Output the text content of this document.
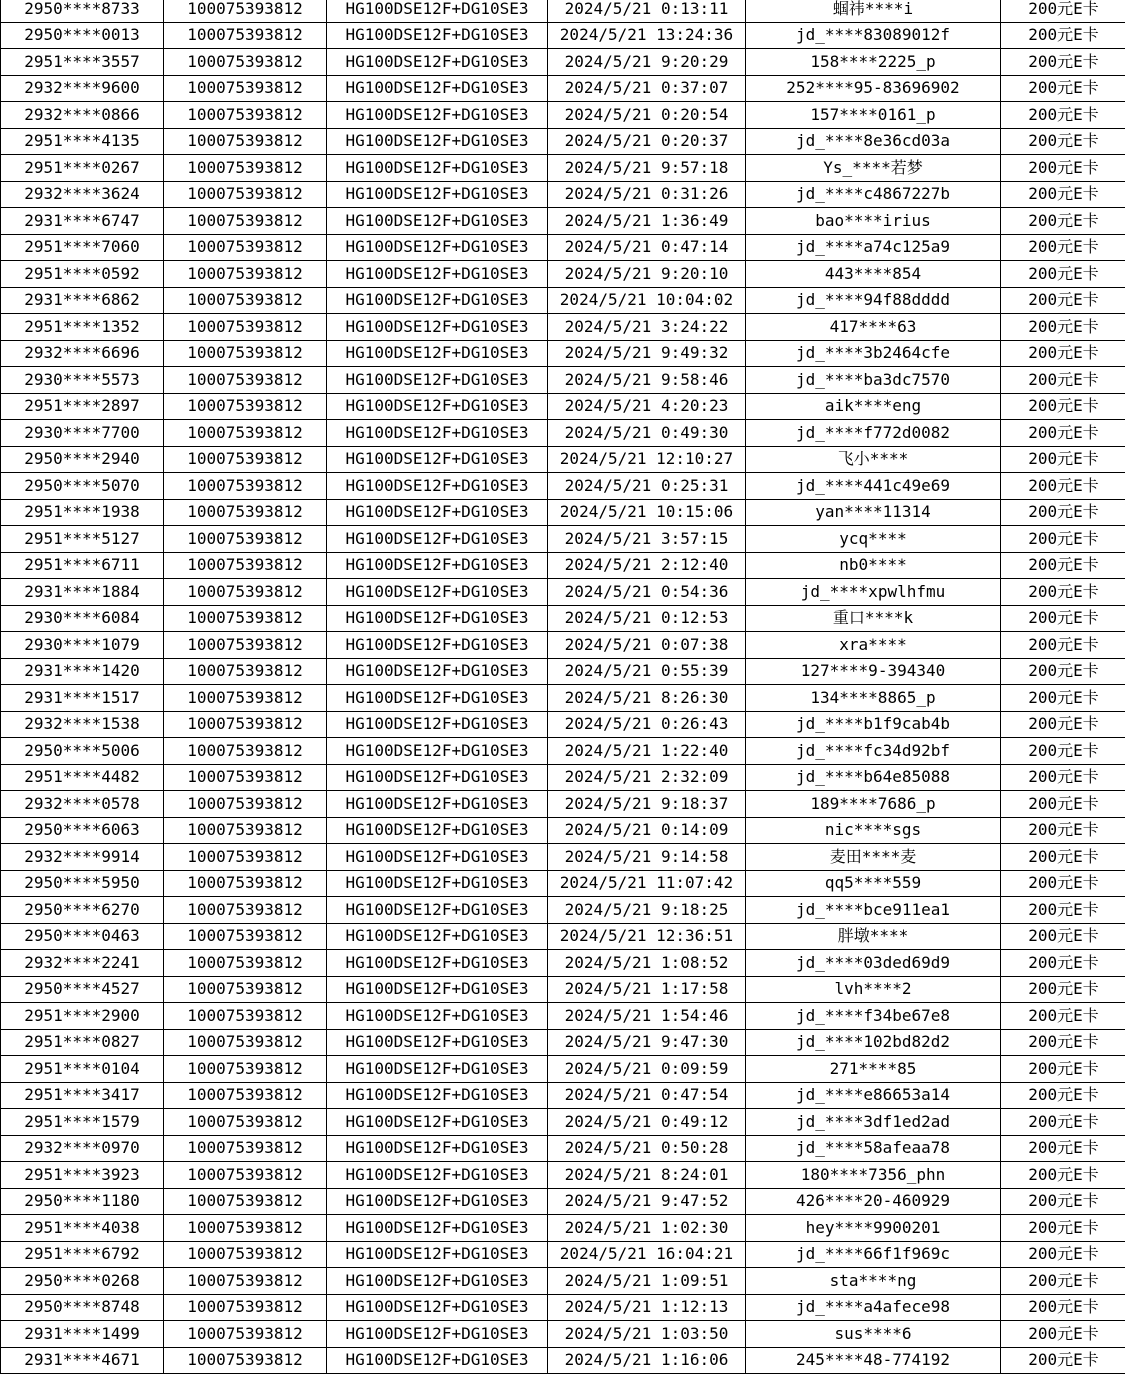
2950****8733	100075393812	HG100DSE12F+DG10SE3	2024/5/21 0:13:11	蝈祎****i	200元E卡
2950****0013	100075393812	HG100DSE12F+DG10SE3	2024/5/21 13:24:36	jd_****83089012f	200元E卡
2951****3557	100075393812	HG100DSE12F+DG10SE3	2024/5/21 9:20:29	158****2225_p	200元E卡
2932****9600	100075393812	HG100DSE12F+DG10SE3	2024/5/21 0:37:07	252****95-83696902	200元E卡
2932****0866	100075393812	HG100DSE12F+DG10SE3	2024/5/21 0:20:54	157****0161_p	200元E卡
2951****4135	100075393812	HG100DSE12F+DG10SE3	2024/5/21 0:20:37	jd_****8e36cd03a	200元E卡
2951****0267	100075393812	HG100DSE12F+DG10SE3	2024/5/21 9:57:18	Ys_****若梦	200元E卡
2932****3624	100075393812	HG100DSE12F+DG10SE3	2024/5/21 0:31:26	jd_****c4867227b	200元E卡
2931****6747	100075393812	HG100DSE12F+DG10SE3	2024/5/21 1:36:49	bao****irius	200元E卡
2951****7060	100075393812	HG100DSE12F+DG10SE3	2024/5/21 0:47:14	jd_****a74c125a9	200元E卡
2951****0592	100075393812	HG100DSE12F+DG10SE3	2024/5/21 9:20:10	443****854	200元E卡
2931****6862	100075393812	HG100DSE12F+DG10SE3	2024/5/21 10:04:02	jd_****94f88dddd	200元E卡
2951****1352	100075393812	HG100DSE12F+DG10SE3	2024/5/21 3:24:22	417****63	200元E卡
2932****6696	100075393812	HG100DSE12F+DG10SE3	2024/5/21 9:49:32	jd_****3b2464cfe	200元E卡
2930****5573	100075393812	HG100DSE12F+DG10SE3	2024/5/21 9:58:46	jd_****ba3dc7570	200元E卡
2951****2897	100075393812	HG100DSE12F+DG10SE3	2024/5/21 4:20:23	aik****eng	200元E卡
2930****7700	100075393812	HG100DSE12F+DG10SE3	2024/5/21 0:49:30	jd_****f772d0082	200元E卡
2950****2940	100075393812	HG100DSE12F+DG10SE3	2024/5/21 12:10:27	飞小****	200元E卡
2950****5070	100075393812	HG100DSE12F+DG10SE3	2024/5/21 0:25:31	jd_****441c49e69	200元E卡
2951****1938	100075393812	HG100DSE12F+DG10SE3	2024/5/21 10:15:06	yan****11314	200元E卡
2951****5127	100075393812	HG100DSE12F+DG10SE3	2024/5/21 3:57:15	ycq****	200元E卡
2951****6711	100075393812	HG100DSE12F+DG10SE3	2024/5/21 2:12:40	nb0****	200元E卡
2931****1884	100075393812	HG100DSE12F+DG10SE3	2024/5/21 0:54:36	jd_****xpwlhfmu	200元E卡
2930****6084	100075393812	HG100DSE12F+DG10SE3	2024/5/21 0:12:53	重口****k	200元E卡
2930****1079	100075393812	HG100DSE12F+DG10SE3	2024/5/21 0:07:38	xra****	200元E卡
2931****1420	100075393812	HG100DSE12F+DG10SE3	2024/5/21 0:55:39	127****9-394340	200元E卡
2931****1517	100075393812	HG100DSE12F+DG10SE3	2024/5/21 8:26:30	134****8865_p	200元E卡
2932****1538	100075393812	HG100DSE12F+DG10SE3	2024/5/21 0:26:43	jd_****b1f9cab4b	200元E卡
2950****5006	100075393812	HG100DSE12F+DG10SE3	2024/5/21 1:22:40	jd_****fc34d92bf	200元E卡
2951****4482	100075393812	HG100DSE12F+DG10SE3	2024/5/21 2:32:09	jd_****b64e85088	200元E卡
2932****0578	100075393812	HG100DSE12F+DG10SE3	2024/5/21 9:18:37	189****7686_p	200元E卡
2950****6063	100075393812	HG100DSE12F+DG10SE3	2024/5/21 0:14:09	nic****sgs	200元E卡
2932****9914	100075393812	HG100DSE12F+DG10SE3	2024/5/21 9:14:58	麦田****麦	200元E卡
2950****5950	100075393812	HG100DSE12F+DG10SE3	2024/5/21 11:07:42	qq5****559	200元E卡
2950****6270	100075393812	HG100DSE12F+DG10SE3	2024/5/21 9:18:25	jd_****bce911ea1	200元E卡
2950****0463	100075393812	HG100DSE12F+DG10SE3	2024/5/21 12:36:51	胖墩****	200元E卡
2932****2241	100075393812	HG100DSE12F+DG10SE3	2024/5/21 1:08:52	jd_****03ded69d9	200元E卡
2950****4527	100075393812	HG100DSE12F+DG10SE3	2024/5/21 1:17:58	lvh****2	200元E卡
2951****2900	100075393812	HG100DSE12F+DG10SE3	2024/5/21 1:54:46	jd_****f34be67e8	200元E卡
2951****0827	100075393812	HG100DSE12F+DG10SE3	2024/5/21 9:47:30	jd_****102bd82d2	200元E卡
2951****0104	100075393812	HG100DSE12F+DG10SE3	2024/5/21 0:09:59	271****85	200元E卡
2951****3417	100075393812	HG100DSE12F+DG10SE3	2024/5/21 0:47:54	jd_****e86653a14	200元E卡
2951****1579	100075393812	HG100DSE12F+DG10SE3	2024/5/21 0:49:12	jd_****3df1ed2ad	200元E卡
2932****0970	100075393812	HG100DSE12F+DG10SE3	2024/5/21 0:50:28	jd_****58afeaa78	200元E卡
2951****3923	100075393812	HG100DSE12F+DG10SE3	2024/5/21 8:24:01	180****7356_phn	200元E卡
2950****1180	100075393812	HG100DSE12F+DG10SE3	2024/5/21 9:47:52	426****20-460929	200元E卡
2951****4038	100075393812	HG100DSE12F+DG10SE3	2024/5/21 1:02:30	hey****9900201	200元E卡
2951****6792	100075393812	HG100DSE12F+DG10SE3	2024/5/21 16:04:21	jd_****66f1f969c	200元E卡
2950****0268	100075393812	HG100DSE12F+DG10SE3	2024/5/21 1:09:51	sta****ng	200元E卡
2950****8748	100075393812	HG100DSE12F+DG10SE3	2024/5/21 1:12:13	jd_****a4afece98	200元E卡
2931****1499	100075393812	HG100DSE12F+DG10SE3	2024/5/21 1:03:50	sus****6	200元E卡
2931****4671	100075393812	HG100DSE12F+DG10SE3	2024/5/21 1:16:06	245****48-774192	200元E卡
